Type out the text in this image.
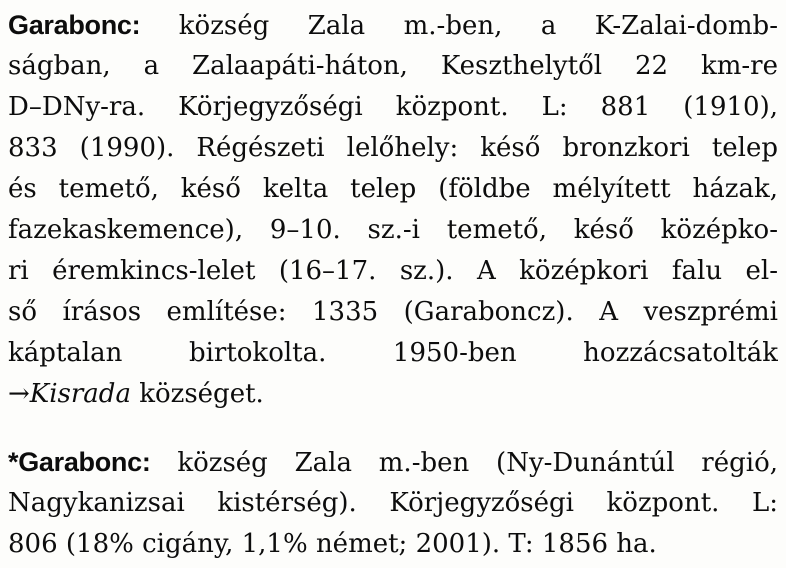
Garabonc: község Zala m.-ben, a K-Zalai-domb-
ságban, a Zalaapáti-háton, Keszthelytől 22 km-re
D–DNy-ra. Körjegyzőségi központ. L: 881 (1910),
833 (1990). Régészeti lelőhely: késő bronzkori telep
és temető, késő kelta telep (földbe mélyített házak,
fazekaskemence), 9–10. sz.-i temető, késő középko-
ri éremkincs-lelet (16–17. sz.). A középkori falu el-
ső írásos említése: 1335 (Garaboncz). A veszprémi
káptalan birtokolta. 1950-ben hozzácsatolták
→Kisrada községet.
*Garabonc: község Zala m.-ben (Ny-Dunántúl régió,
Nagykanizsai kistérség). Körjegyzőségi központ. L:
806 (18% cigány, 1,1% német; 2001). T: 1856 ha.
